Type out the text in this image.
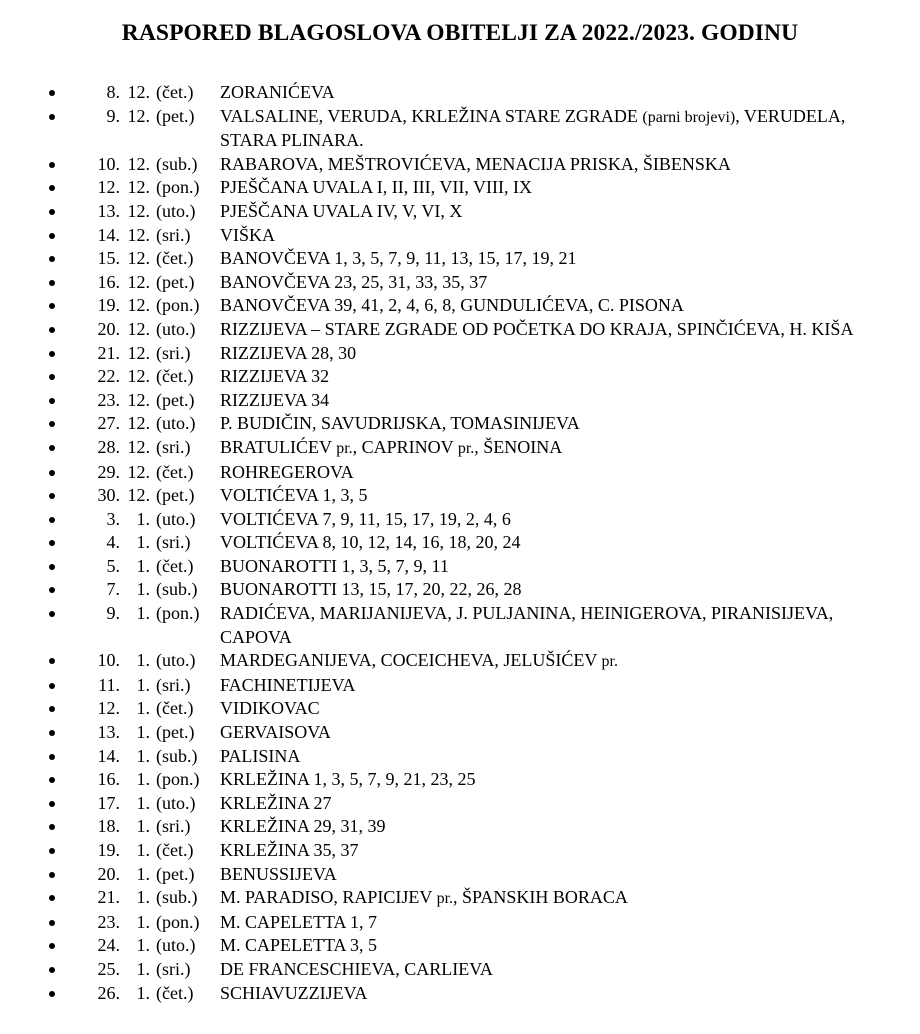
RASPORED BLAGOSLOVA OBITELJI ZA 2022./2023. GODINU
8. 12. (čet.)	ZORANIĆEVA
9. 12. (pet.)	VALSALINE, VERUDA, KRLEŽINA STARE ZGRADE (parni brojevi), VERUDELA, STARA PLINARA.
10. 12. (sub.)	RABAROVA, MEŠTROVIĆEVA, MENACIJA PRISKA, ŠIBENSKA
12. 12. (pon.)	PJEŠČANA UVALA I, II, III, VII, VIII, IX
13. 12. (uto.)	PJEŠČANA UVALA IV, V, VI, X
14. 12. (sri.)	VIŠKA
15. 12. (čet.)	BANOVČEVA 1, 3, 5, 7, 9, 11, 13, 15, 17, 19, 21
16. 12. (pet.)	BANOVČEVA 23, 25, 31, 33, 35, 37
19. 12. (pon.)	BANOVČEVA 39, 41, 2, 4, 6, 8, GUNDULIĆEVA, C. PISONA
20. 12. (uto.)	RIZZIJEVA – STARE ZGRADE OD POČETKA DO KRAJA, SPINČIĆEVA, H. KIŠA
21. 12. (sri.)	RIZZIJEVA 28, 30
22. 12. (čet.)	RIZZIJEVA 32
23. 12. (pet.)	RIZZIJEVA 34
27. 12. (uto.)	P. BUDIČIN, SAVUDRIJSKA, TOMASINIJEVA
28. 12. (sri.)	BRATULIĆEV pr., CAPRINOV pr., ŠENOINA
29. 12. (čet.)	ROHREGEROVA
30. 12. (pet.)	VOLTIĆEVA 1, 3, 5
3. 1. (uto.)	VOLTIĆEVA 7, 9, 11, 15, 17, 19, 2, 4, 6
4. 1. (sri.)	VOLTIĆEVA 8, 10, 12, 14, 16, 18, 20, 24
5. 1. (čet.)	BUONAROTTI 1, 3, 5, 7, 9, 11
7. 1. (sub.)	BUONAROTTI 13, 15, 17, 20, 22, 26, 28
9. 1. (pon.)	RADIĆEVA, MARIJANIJEVA, J. PULJANINA, HEINIGEROVA, PIRANISIJEVA, CAPOVA
10. 1. (uto.)	MARDEGANIJEVA, COCEICHEVA, JELUŠIĆEV pr.
11. 1. (sri.)	FACHINETIJEVA
12. 1. (čet.)	VIDIKOVAC
13. 1. (pet.)	GERVAISOVA
14. 1. (sub.)	PALISINA
16. 1. (pon.)	KRLEŽINA 1, 3, 5, 7, 9, 21, 23, 25
17. 1. (uto.)	KRLEŽINA 27
18. 1. (sri.)	KRLEŽINA 29, 31, 39
19. 1. (čet.)	KRLEŽINA 35, 37
20. 1. (pet.)	BENUSSIJEVA
21. 1. (sub.)	M. PARADISO, RAPICIJEV pr., ŠPANSKIH BORACA
23. 1. (pon.)	M. CAPELETTA 1, 7
24. 1. (uto.)	M. CAPELETTA 3, 5
25. 1. (sri.)	DE FRANCESCHIEVA, CARLIEVA
26. 1. (čet.)	SCHIAVUZZIJEVA
